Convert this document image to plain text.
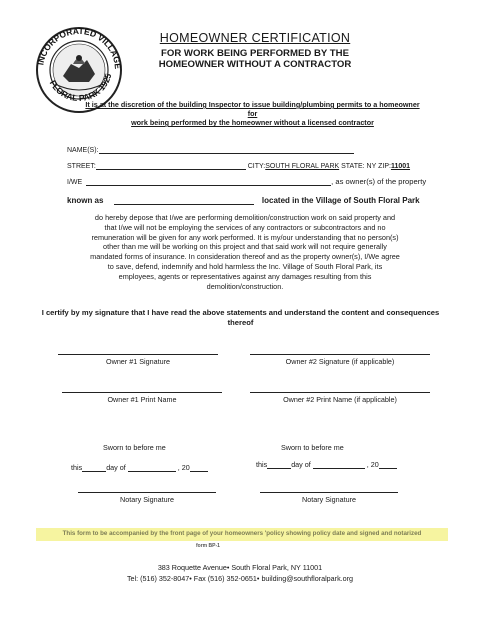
INCORPORATED VILLAGE
FLORAL PARK 1925
HOMEOWNER CERTIFICATION
FOR WORK BEING PERFORMED BY THE
HOMEOWNER WITHOUT A CONTRACTOR
It is at the discretion of the building Inspector to issue building/plumbing permits to a homeowner for
work being performed by the homeowner without a licensed contractor
NAME(S):
STREET:	CITY:SOUTH FLORAL PARK STATE: NY ZIP:11001
I/WE	, as owner(s) of the property
known as	located in the Village of South Floral Park
do hereby depose that I/we are performing demolition/construction work on said property and
that I/we will not be employing the services of any contractors or subcontractors and no
remuneration will be given for any work performed. It is my/our understanding that no person(s)
other than me will be working on this project and that said work will not require generally
mandated forms of insurance. In consideration thereof and as the property owner(s), I/We agree
to save, defend, indemnify and hold harmless the Inc. Village of South Floral Park, its
employees, agents or representatives against any damages resulting from this
demolition/construction.
I certify by my signature that I have read the above statements and understand the content and consequences
thereof
Owner #1 Signature	Owner #2 Signature (if applicable)
Owner #1 Print Name	Owner #2 Print Name (if applicable)
Sworn to before me
this	day of	, 20
Notary Signature
Sworn to before me
this	day of	, 20
Notary Signature
This form to be accompanied by the front page of your homeowners 'policy showing policy date and signed and notarized
form BP-1
383 Roquette Avenue• South Floral Park, NY 11001
Tel: (516) 352-8047• Fax (516) 352-0651• building@southfloralpark.org
